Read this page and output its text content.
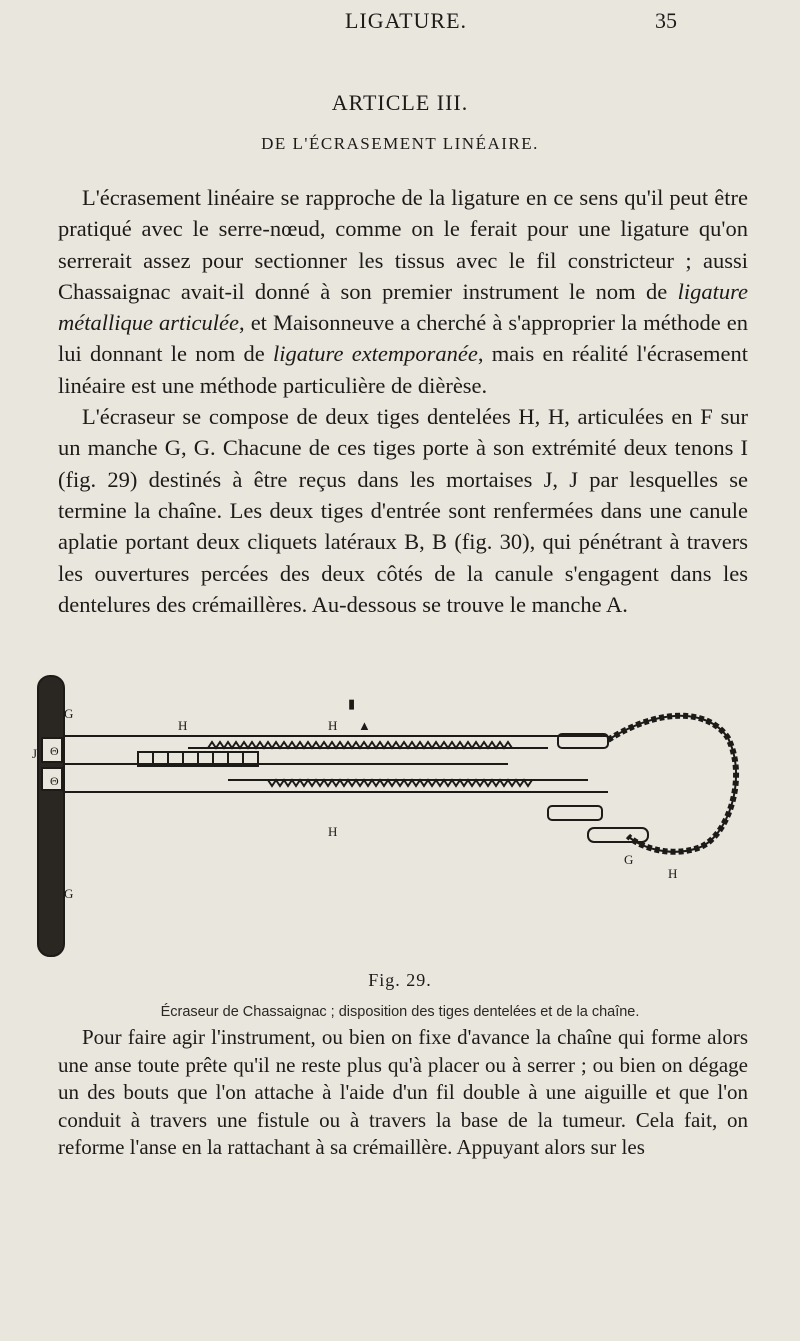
LIGATURE.	35
ARTICLE III.
DE L'ÉCRASEMENT LINÉAIRE.

L'écrasement linéaire se rapproche de la ligature en ce sens qu'il peut être pratiqué avec le serre-nœud, comme on le ferait pour une ligature qu'on serrerait assez pour sectionner les tissus avec le fil constricteur ; aussi Chassaignac avait-il donné à son premier instrument le nom de ligature métallique articulée, et Maisonneuve a cherché à s'approprier la méthode en lui donnant le nom de ligature extemporanée, mais en réalité l'écrasement linéaire est une méthode particulière de dièrèse.

L'écraseur se compose de deux tiges dentelées H, H, articulées en F sur un manche G, G. Chacune de ces tiges porte à son extrémité deux tenons I (fig. 29) destinés à être reçus dans les mortaises J, J par lesquelles se termine la chaîne. Les deux tiges d'entrée sont renfermées dans une canule aplatie portant deux cliquets latéraux B, B (fig. 30), qui pénétrant à travers les ouvertures percées des deux côtés de la canule s'engagent dans les dentelures des crémaillères. Au-dessous se trouve le manche A.

Θ
Θ
H	H
▮
▲
H
G
G
J
G
H
Fig. 29.
Écraseur de Chassaignac ; disposition des tiges dentelées et de la chaîne.

Pour faire agir l'instrument, ou bien on fixe d'avance la chaîne qui forme alors une anse toute prête qu'il ne reste plus qu'à placer ou à serrer ; ou bien on dégage un des bouts que l'on attache à l'aide d'un fil double à une aiguille et que l'on conduit à travers une fistule ou à travers la base de la tumeur. Cela fait, on reforme l'anse en la rattachant à sa crémaillère. Appuyant alors sur les
